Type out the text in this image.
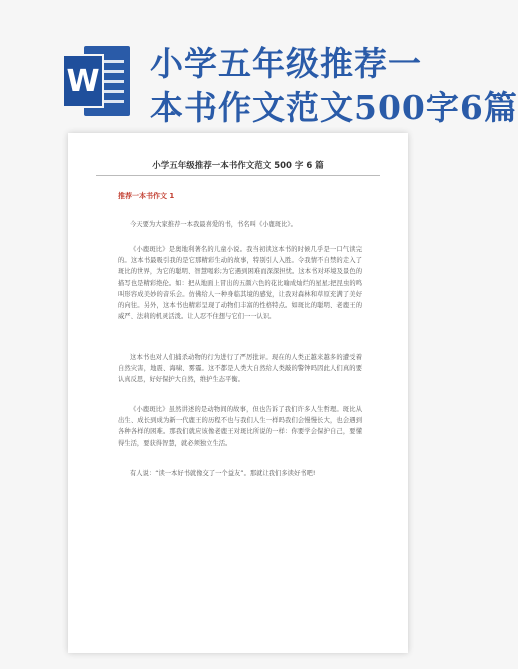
W 小学五年级推荐一
本书作文范文500字6篇
小学五年级推荐一本书作文范文 500 字 6 篇
推荐一本书作文 1

今天要为大家推荐一本我最喜爱的书，书名叫《小鹿斑比》。

《小鹿斑比》是奥地利著名的儿童小说。我当初读这本书的时候几乎是一口气读完的。这本书最吸引我的是它那精彩生动的故事，特别引人入胜。令我情不自禁的走入了斑比的世界，为它的聪明、智慧喝彩;为它遇到困难而深深担忧。这本书对环境及景色的描写也是精彩绝伦。如：把从地面上冒出的五颜六色的花比喻成灿烂的星星;把昆虫的鸣叫形容成美妙的音乐会。仿佛给人一种身临其境的感觉，让我对森林和草原充满了美好的向往。另外，这本书也精彩呈现了动物们丰富的性格特点。如斑比的聪明、老鹿王的威严、法莉的机灵活泼。让人忍不住想与它们一一认识。

这本书也对人们捕杀动物的行为进行了严厉批评。现在的人类正越来越多的遭受着自然灾害，地震、海啸、雾霾。这不都是人类大自然给人类敲的警钟吗因此人们真的要认真反思，好好保护大自然，维护生态平衡。

《小鹿斑比》虽然讲述的是动物间的故事，但也告诉了我们许多人生哲理。斑比从出生、成长到成为新一代鹿王的历程不也与我们人生一样吗我们会慢慢长大，也会遇到各种各样的困难。那我们就应该像老鹿王对斑比所说的一样：你要学会保护自己，要懂得生活，要获得智慧，就必须独立生活。

有人说：“读一本好书就像交了一个益友”。那就让我们多读好书吧!
